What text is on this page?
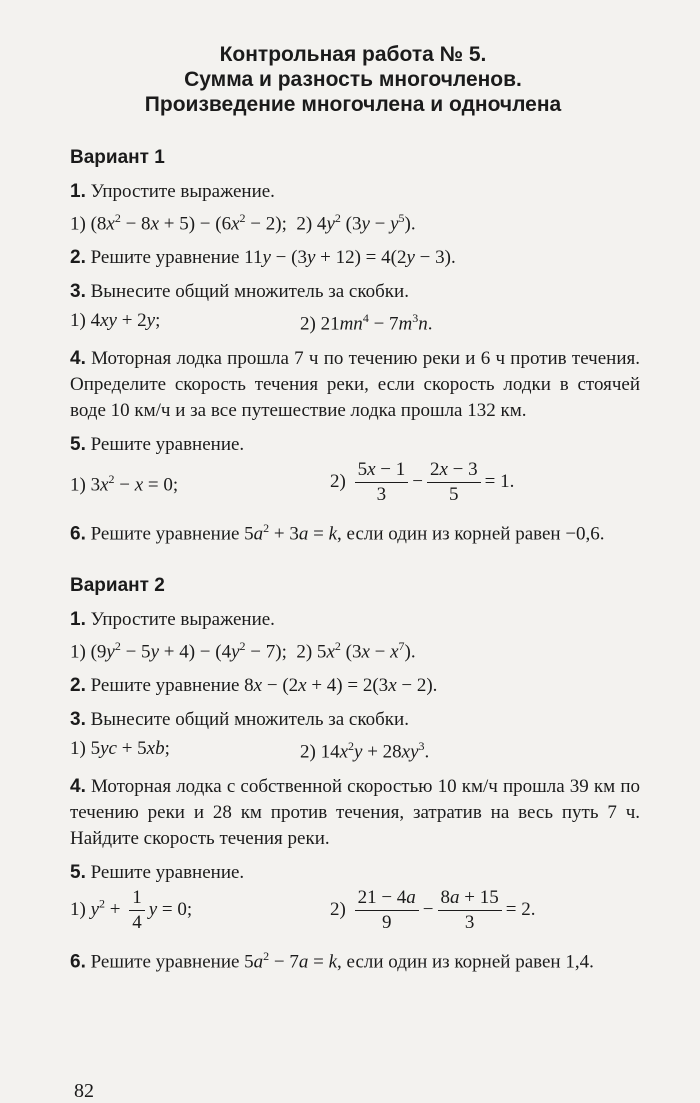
Контрольная работа № 5.
Сумма и разность многочленов.
Произведение многочлена и одночлена
Вариант 1
1. Упростите выражение.
1) $(8x^2 - 8x + 5) - (6x^2 - 2)$;  2) $4y^2$ $(3y - y^5)$.
2. Решите уравнение 11y − (3y + 12) = 4(2y − 3).
3. Вынесите общий множитель за скобки.
1) 4xy + 2y;	2) $21mn^4 - 7m^3n$.
4. Моторная лодка прошла 7 ч по течению реки и 6 ч против течения. Определите скорость течения реки, если скорость лодки в стоячей воде 10 км/ч и за все путешествие лодка прошла 132 км.
5. Решите уравнение.
1) $3x^2 - x = 0$;	$2) \frac{5x - 1}{3} - \frac{2x - 3}{5} = 1$.
6. Решите уравнение $5a^2 + 3a = k$, если один из корней равен −0,6.
Вариант 2
1. Упростите выражение.
1) $(9y^2 - 5y + 4) - (4y^2 - 7)$;  2) $5x^2$ $(3x - x^7)$.
2. Решите уравнение 8x − (2x + 4) = 2(3x − 2).
3. Вынесите общий множитель за скобки.
1) 5yc + 5xb;	2) $14x^2y + 28xy^3$.
4. Моторная лодка с собственной скоростью 10 км/ч прошла 39 км по течению реки и 28 км против течения, затратив на весь путь 7 ч. Найдите скорость течения реки.
5. Решите уравнение.
1) $y^2 + \frac{1}{4}$ y = 0;	$2) \frac{21 - 4a}{9} - \frac{8a + 15}{3} = 2$.
6. Решите уравнение $5a^2 - 7a = k$, если один из корней равен 1,4.
82
